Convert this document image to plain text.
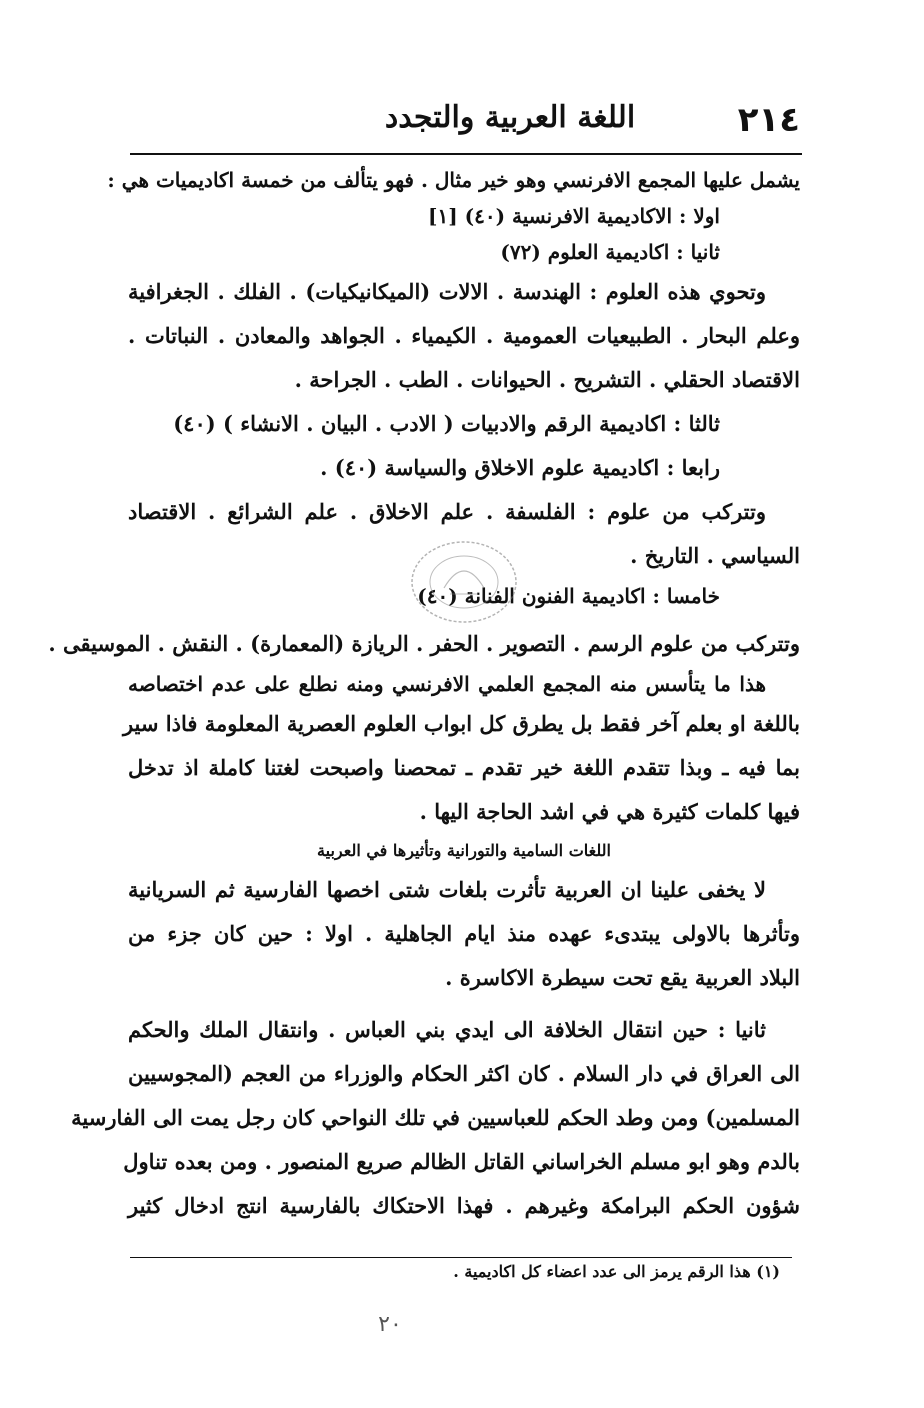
٢١٤
اللغة العربية والتجدد
يشمل عليها المجمع الافرنسي وهو خير مثال . فهو يتألف من خمسة اكاديميات هي :
اولا : الاكاديمية الافرنسية (٤٠) [١]
ثانيا : اكاديمية العلوم (٧٢)
وتحوي هذه العلوم : الهندسة . الالات (الميكانيكيات) . الفلك . الجغرافية
وعلم البحار . الطبيعيات العمومية . الكيمياء . الجواهد والمعادن . النباتات .
الاقتصاد الحقلي . التشريح . الحيوانات . الطب . الجراحة .
ثالثا : اكاديمية الرقم والادبيات ( الادب . البيان . الانشاء ) (٤٠)
رابعا : اكاديمية علوم الاخلاق والسياسة (٤٠) .
وتتركب من علوم : الفلسفة . علم الاخلاق . علم الشرائع . الاقتصاد
السياسي . التاريخ .
خامسا : اكاديمية الفنون الفنانة (٤٠)
وتتركب من علوم الرسم . التصوير . الحفر . الريازة (المعمارة) . النقش . الموسيقى .
هذا ما يتأسس منه المجمع العلمي الافرنسي ومنه نطلع على عدم اختصاصه
باللغة او بعلم آخر فقط بل يطرق كل ابواب العلوم العصرية المعلومة فاذا سير
بما فيه ـ وبذا تتقدم اللغة خير تقدم ـ تمحصنا واصبحت لغتنا كاملة اذ تدخل
فيها كلمات كثيرة هي في اشد الحاجة اليها .
اللغات السامية والتورانية وتأثيرها في العربية
لا يخفى علينا ان العربية تأثرت بلغات شتى اخصها الفارسية ثم السريانية
وتأثرها بالاولى يبتدىء عهده منذ ايام الجاهلية . اولا : حين كان جزء من
البلاد العربية يقع تحت سيطرة الاكاسرة .
ثانيا : حين انتقال الخلافة الى ايدي بني العباس . وانتقال الملك والحكم
الى العراق في دار السلام . كان اكثر الحكام والوزراء من العجم (المجوسيين
المسلمين) ومن وطد الحكم للعباسيين في تلك النواحي كان رجل يمت الى الفارسية
بالدم وهو ابو مسلم الخراساني القاتل الظالم صريع المنصور . ومن بعده تناول
شؤون الحكم البرامكة وغيرهم . فهذا الاحتكاك بالفارسية انتج ادخال كثير
(١) هذا الرقم يرمز الى عدد اعضاء كل اكاديمية .
٢٠
